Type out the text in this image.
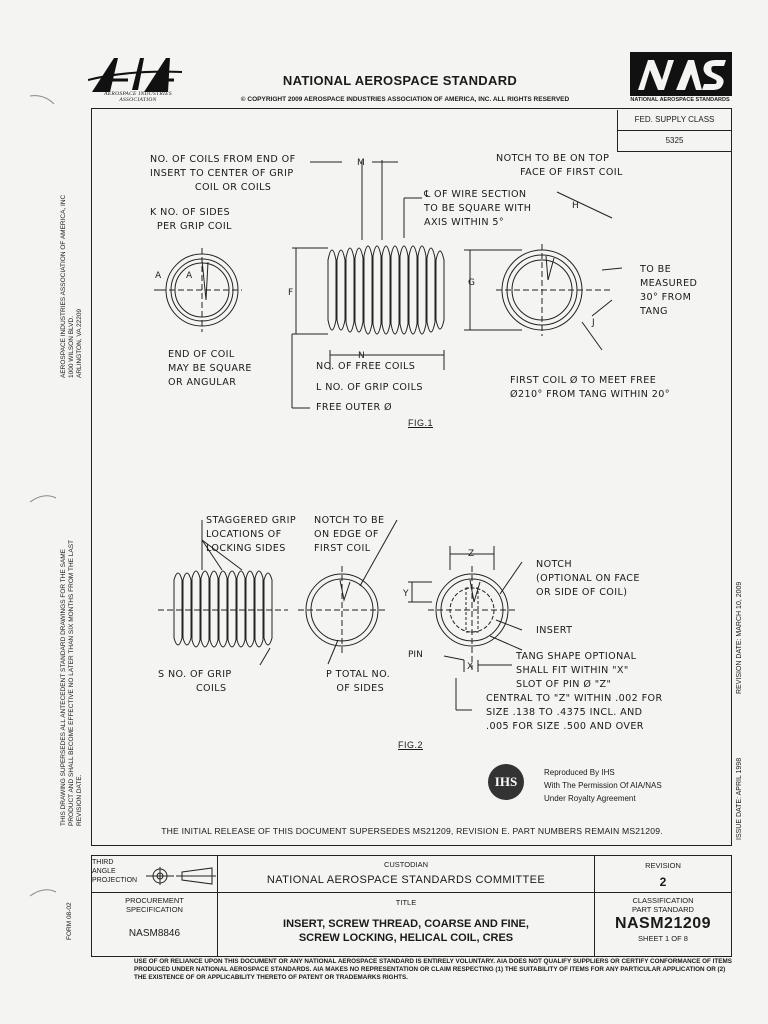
AEROSPACE INDUSTRIES
ASSOCIATION
NATIONAL AEROSPACE STANDARD
© COPYRIGHT 2009 AEROSPACE INDUSTRIES ASSOCIATION OF AMERICA, INC. ALL RIGHTS RESERVED	NATIONAL AEROSPACE STANDARDS
FED. SUPPLY CLASS
5325
A	A
F
M
N
G
H
J
NO. OF COILS FROM END OF
INSERT TO CENTER OF GRIP
COIL OR COILS
K NO. OF SIDES
PER GRIP COIL
END OF COIL
MAY BE SQUARE
OR ANGULAR
NOTCH TO BE ON TOP
FACE OF FIRST COIL
℄ OF WIRE SECTION
TO BE SQUARE WITH
AXIS WITHIN 5°
TO BE
MEASURED
30° FROM
TANG
NO. OF FREE COILS
L NO. OF GRIP COILS
FREE OUTER Ø
FIRST COIL Ø TO MEET FREE
Ø210° FROM TANG WITHIN 20°
FIG.1
Z
Y
PIN
X
STAGGERED GRIP
LOCATIONS OF
LOCKING SIDES
NOTCH TO BE
ON EDGE OF
FIRST COIL
S NO. OF GRIP
COILS
P TOTAL NO.
OF SIDES
NOTCH
(OPTIONAL ON FACE
OR SIDE OF COIL)
INSERT
TANG SHAPE OPTIONAL
SHALL FIT WITHIN "X"
SLOT OF PIN Ø "Z"
CENTRAL TO "Z" WITHIN .002 FOR
SIZE .138 TO .4375 INCL. AND
.005 FOR SIZE .500 AND OVER
FIG.2
IHS
Reproduced By IHS
With The Permission Of AIA/NAS
Under Royalty Agreement
THE INITIAL RELEASE OF THIS DOCUMENT SUPERSEDES MS21209, REVISION E. PART NUMBERS REMAIN MS21209.
THIRD
ANGLE
PROJECTION
CUSTODIAN
NATIONAL AEROSPACE STANDARDS COMMITTEE
REVISION
2
PROCUREMENT
SPECIFICATION
NASM8846
TITLE
INSERT, SCREW THREAD, COARSE AND FINE,
SCREW LOCKING, HELICAL COIL, CRES
CLASSIFICATION
PART STANDARD
NASM21209
SHEET 1 OF 8
USE OF OR RELIANCE UPON THIS DOCUMENT OR ANY NATIONAL AEROSPACE STANDARD IS ENTIRELY VOLUNTARY. AIA DOES NOT QUALIFY SUPPLIERS OR CERTIFY CONFORMANCE OF ITEMS PRODUCED UNDER NATIONAL AEROSPACE STANDARDS. AIA MAKES NO REPRESENTATION OR CLAIM RESPECTING (1) THE SUITABILITY OF ITEMS FOR ANY PARTICULAR APPLICATION OR (2) THE EXISTENCE OF OR APPLICABILITY THERETO OF PATENT OR TRADEMARKS RIGHTS.
AEROSPACE INDUSTRIES ASSOCIATION OF AMERICA, INC 1000 WILSON BLVD. ARLINGTON, VA 22209
THIS DRAWING SUPERSEDES ALL ANTECEDENT STANDARD DRAWINGS FOR THE SAME PRODUCT AND SHALL BECOME EFFECTIVE NO LATER THAN SIX MONTHS FROM THE LAST REVISION DATE.
FORM 08-02
REVISION DATE: MARCH 10, 2009
ISSUE DATE: APRIL 1998
